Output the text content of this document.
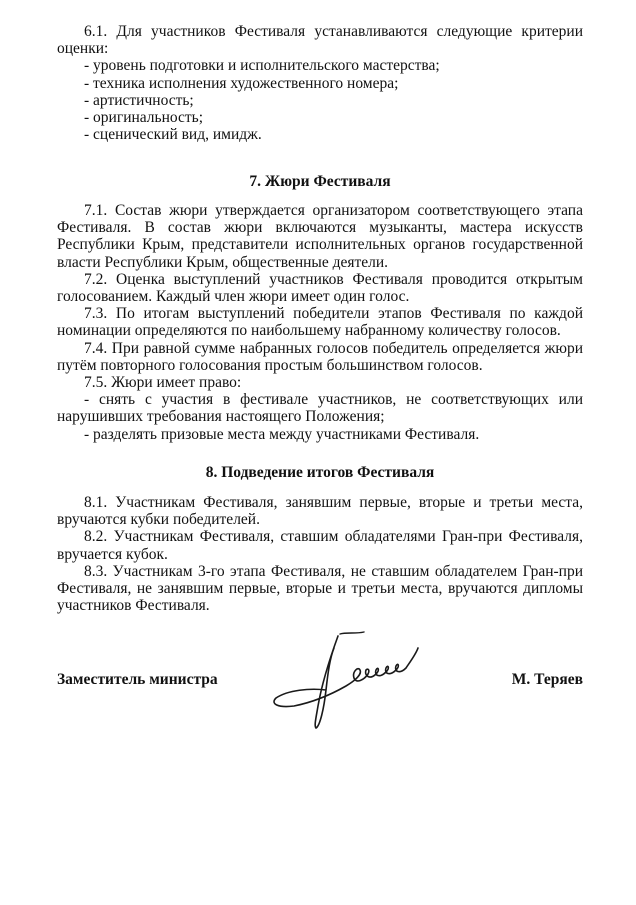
6.1. Для участников Фестиваля устанавливаются следующие критерии оценки:

- уровень подготовки и исполнительского мастерства;

- техника исполнения художественного номера;

- артистичность;

- оригинальность;

- сценический вид, имидж.

7. Жюри Фестиваля

7.1. Состав жюри утверждается организатором соответствующего этапа Фестиваля. В состав жюри включаются музыканты, мастера искусств Республики Крым, представители исполнительных органов государственной власти Республики Крым, общественные деятели.

7.2. Оценка выступлений участников Фестиваля проводится открытым голосованием. Каждый член жюри имеет один голос.

7.3. По итогам выступлений победители этапов Фестиваля по каждой номинации определяются по наибольшему набранному количеству голосов.

7.4. При равной сумме набранных голосов победитель определяется жюри путём повторного голосования простым большинством голосов.

7.5. Жюри имеет право:

- снять с участия в фестивале участников, не соответствующих или нарушивших требования настоящего Положения;

- разделять призовые места между участниками Фестиваля.

8. Подведение итогов Фестиваля

8.1. Участникам Фестиваля, занявшим первые, вторые и третьи места, вручаются кубки победителей.

8.2. Участникам Фестиваля, ставшим обладателями Гран-при Фестиваля, вручается кубок.

8.3. Участникам 3-го этапа Фестиваля, не ставшим обладателем Гран-при Фестиваля, не занявшим первые, вторые и третьи места, вручаются дипломы участников Фестиваля.

Заместитель министра	М. Теряев
